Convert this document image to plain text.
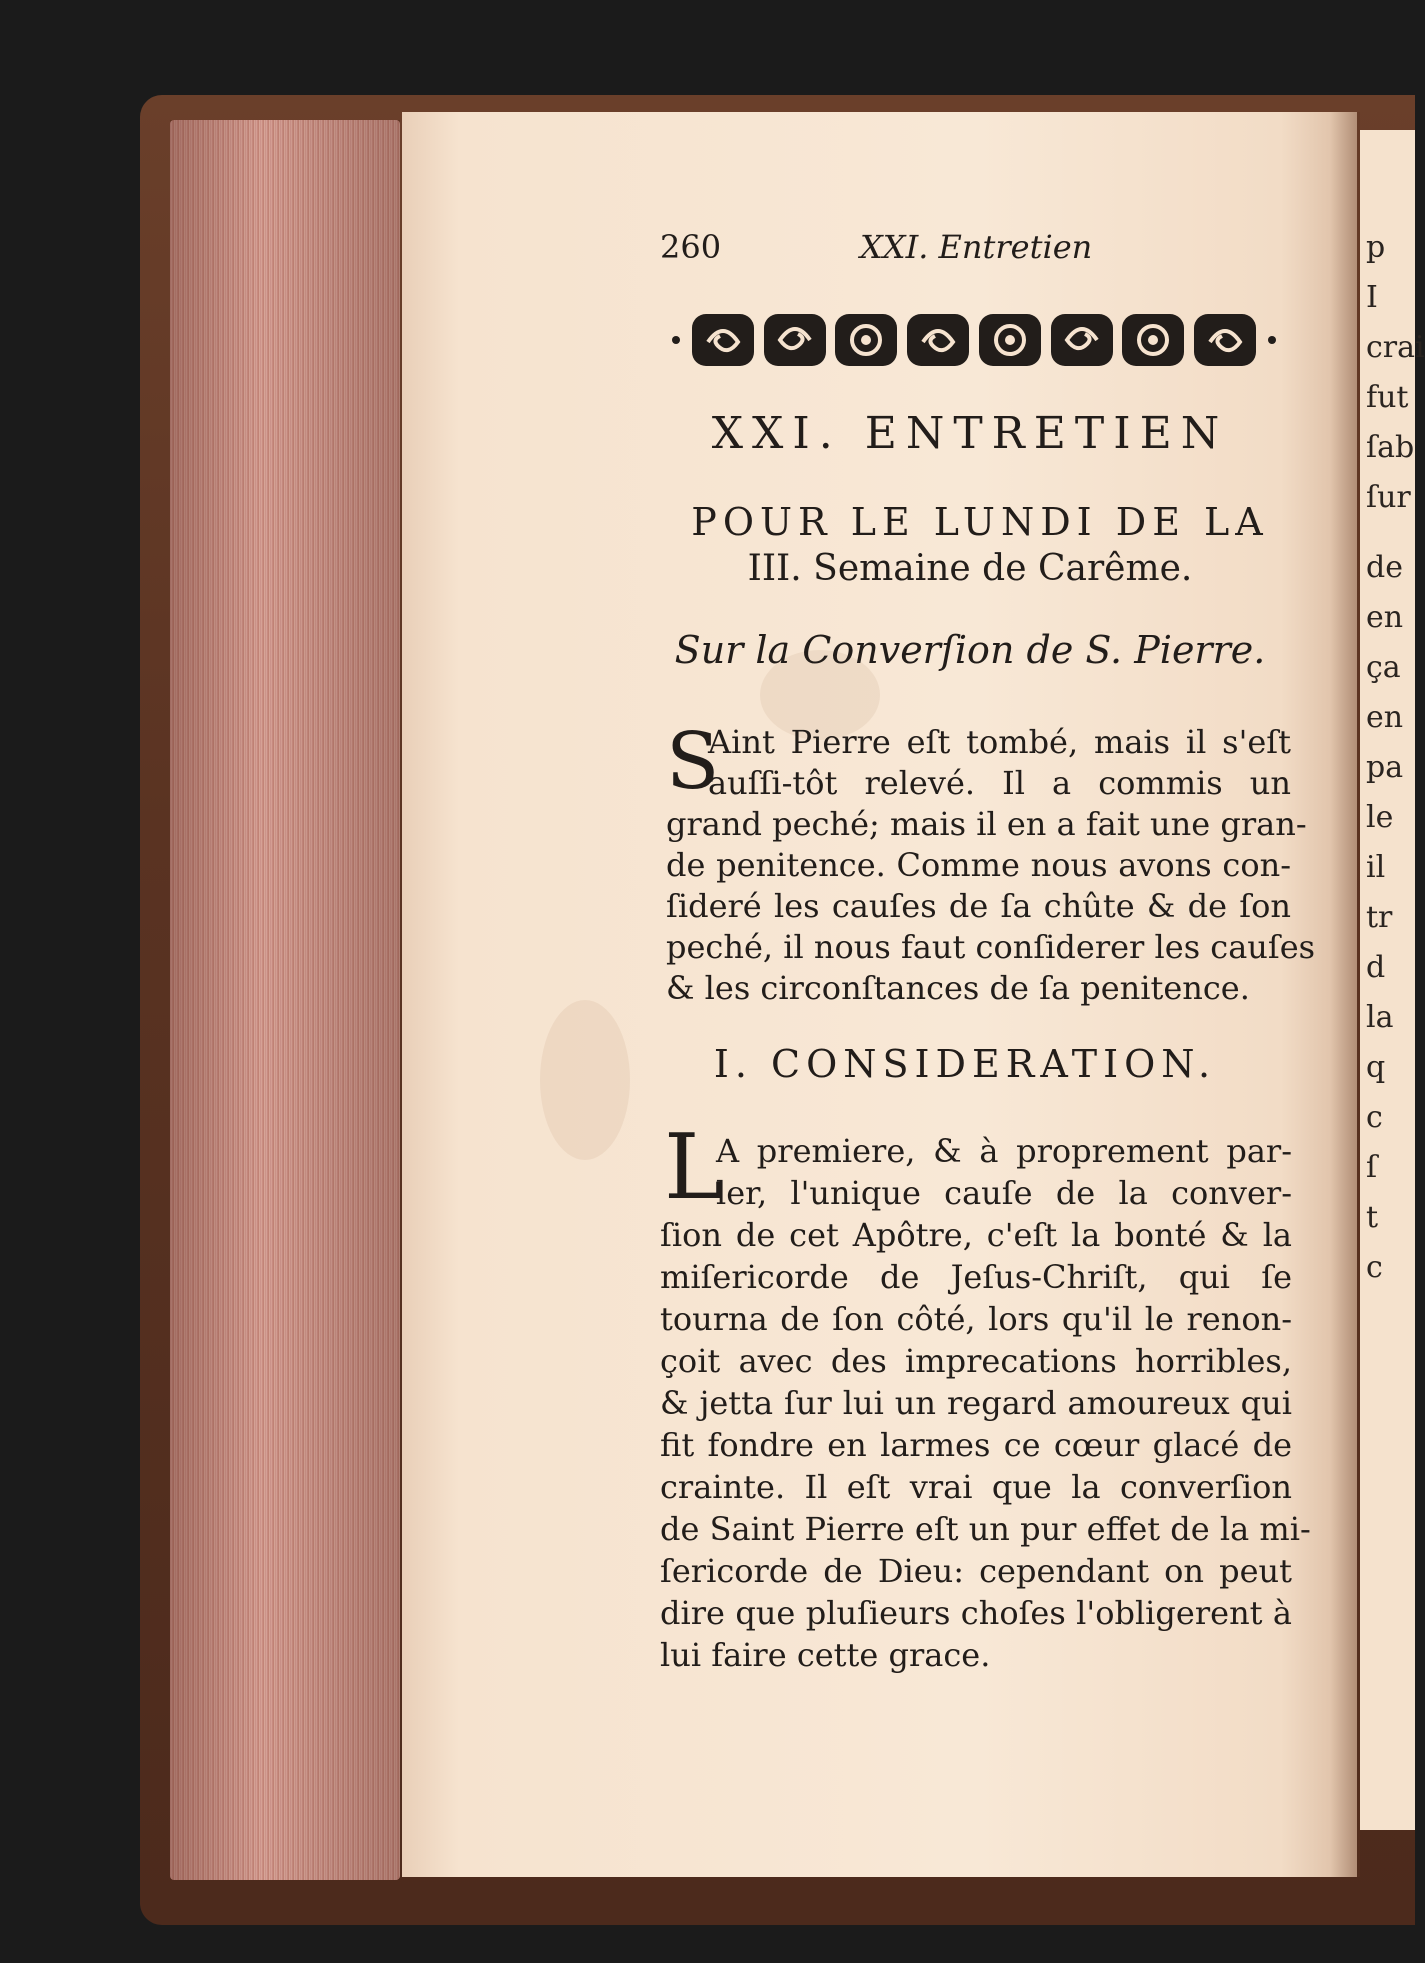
p
I
crai
fut
ſab
ſur
de
en
ça
en
pa
le
il
tr
d
la
q
c
ſ
t
c
260	XXI. Entretien
XXI. ENTRETIEN
POUR LE LUNDI DE LA
III. Semaine de Carême.
Sur la Converſion de S. Pierre.
S
Aint Pierre eſt tombé, mais il s'eſt
auſſi-tôt relevé. Il a commis un
grand peché; mais il en a fait une gran-
de penitence. Comme nous avons con-
ſideré les cauſes de ſa chûte & de ſon
peché, il nous faut conſiderer les cauſes
& les circonſtances de ſa penitence.
I. CONSIDERATION.
L
A premiere, & à proprement par-
ler, l'unique cauſe de la conver-
ſion de cet Apôtre, c'eſt la bonté & la
miſericorde de Jeſus-Chriſt, qui ſe
tourna de ſon côté, lors qu'il le renon-
çoit avec des imprecations horribles,
& jetta ſur lui un regard amoureux qui
fit fondre en larmes ce cœur glacé de
crainte. Il eſt vrai que la converſion
de Saint Pierre eſt un pur effet de la mi-
ſericorde de Dieu: cependant on peut
dire que pluſieurs choſes l'obligerent à
lui faire cette grace.
